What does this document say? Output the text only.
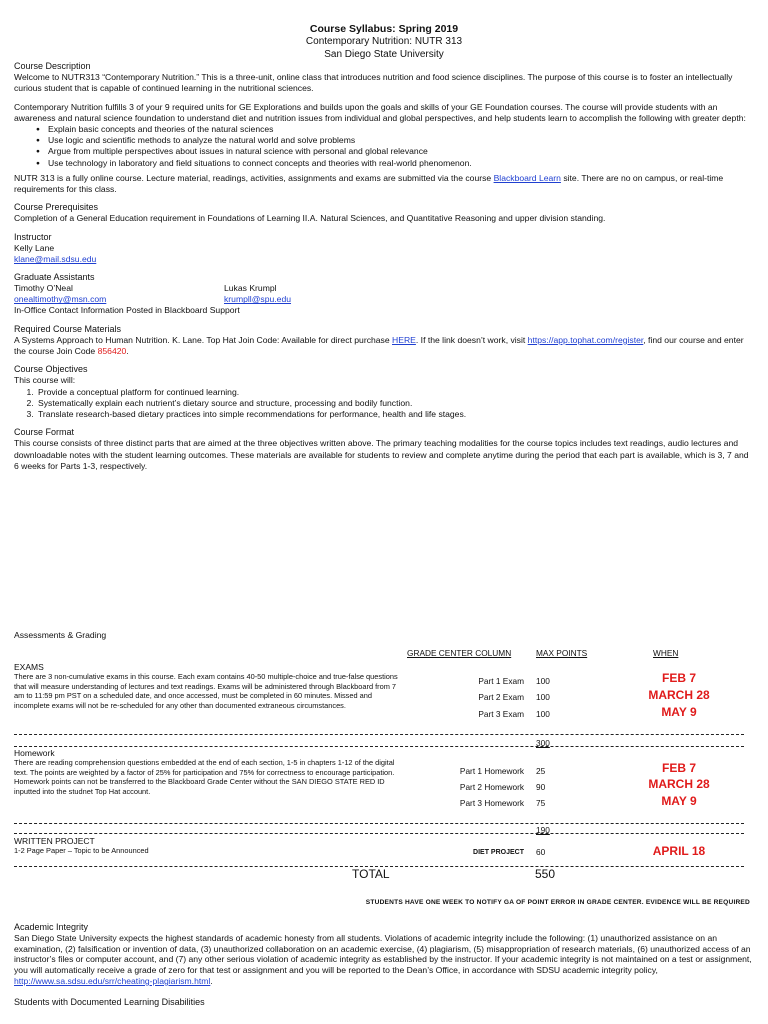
Course Syllabus: Spring 2019
Contemporary Nutrition: NUTR 313
San Diego State University
Course Description

Welcome to NUTR313 “Contemporary Nutrition.” This is a three-unit, online class that introduces nutrition and food science disciplines. The purpose of this course is to foster an intellectually curious student that is capable of continued learning in the nutritional sciences.

Contemporary Nutrition fulfills 3 of your 9 required units for GE Explorations and builds upon the goals and skills of your GE Foundation courses. The course will provide students with an awareness and natural science foundation to understand diet and nutrition issues from individual and global perspectives, and help students learn to accomplish the following with greater depth:

● Explain basic concepts and theories of the natural sciences
● Use logic and scientific methods to analyze the natural world and solve problems
● Argue from multiple perspectives about issues in natural science with personal and global relevance
● Use technology in laboratory and field situations to connect concepts and theories with real-world phenomenon.

NUTR 313 is a fully online course. Lecture material, readings, activities, assignments and exams are submitted via the course Blackboard Learn site. There are no on campus, or real-time requirements for this class.

Course Prerequisites

Completion of a General Education requirement in Foundations of Learning II.A. Natural Sciences, and Quantitative Reasoning and upper division standing.

Instructor

Kelly Lane

klane@mail.sdsu.edu

Graduate Assistants
Timothy O’Neal
onealtimothy@msn.com
Lukas Krumpl
krumpll@spu.edu

In-Office Contact Information Posted in Blackboard Support

Required Course Materials

A Systems Approach to Human Nutrition. K. Lane. Top Hat Join Code: Available for direct purchase HERE. If the link doesn’t work, visit https://app.tophat.com/register, find our course and enter the course Join Code 856420.

Course Objectives

This course will:

1. Provide a conceptual platform for continued learning.
2. Systematically explain each nutrient’s dietary source and structure, processing and bodily function.
3. Translate research-based dietary practices into simple recommendations for performance, health and life stages.
Course Format

This course consists of three distinct parts that are aimed at the three objectives written above. The primary teaching modalities for the course topics includes text readings, audio lectures and downloadable notes with the student learning outcomes. These materials are available for students to review and complete anytime during the period that each part is available, which is 3, 7 and 6 weeks for Parts 1-3, respectively.

Assessments & Grading
GRADE CENTER COLUMN	MAX POINTS	WHEN
EXAMS
There are 3 non-cumulative exams in this course. Each exam contains 40-50 multiple-choice and true-false questions that will measure understanding of lectures and text readings. Exams will be administered through Blackboard from 7 am to 11:59 pm PST on a scheduled date, and once accessed, must be completed in 60 minutes. Missed and incomplete exams will not be re-scheduled for any other than documented extraneous circumstances.
Part 1 Exam 100	FEB 7
Part 2 Exam 100	MARCH 28
Part 3 Exam 100	MAY 9
300
Homework
There are reading comprehension questions embedded at the end of each section, 1-5 in chapters 1-12 of the digital text. The points are weighted by a factor of 25% for participation and 75% for correctness to encourage participation. Homework points can not be transferred to the Blackboard Grade Center without the SAN DIEGO STATE RED ID inputted into the studnet Top Hat account.
Part 1 Homework 25	FEB 7
Part 2 Homework 90	MARCH 28
Part 3 Homework 75	MAY 9
190
WRITTEN PROJECT
1-2 Page Paper – Topic to be Announced	DIET PROJECT 60	APRIL 18
TOTAL	550
STUDENTS HAVE ONE WEEK TO NOTIFY GA OF POINT ERROR IN GRADE CENTER. EVIDENCE WILL BE REQUIRED
Academic Integrity

San Diego State University expects the highest standards of academic honesty from all students. Violations of academic integrity include the following: (1) unauthorized assistance on an examination, (2) falsification or invention of data, (3) unauthorized collaboration on an academic exercise, (4) plagiarism, (5) misappropriation of research materials, (6) unauthorized access of an instructor’s files or computer account, and (7) any other serious violation of academic integrity as established by the instructor. If your academic integrity is not maintained on a test or assignment, you will automatically receive a grade of zero for that test or assignment and you will be reported to the Dean’s Office, in accordance with SDSU academic integrity policy, http://www.sa.sdsu.edu/srr/cheating-plagiarism.html.

Students with Documented Learning Disabilities
